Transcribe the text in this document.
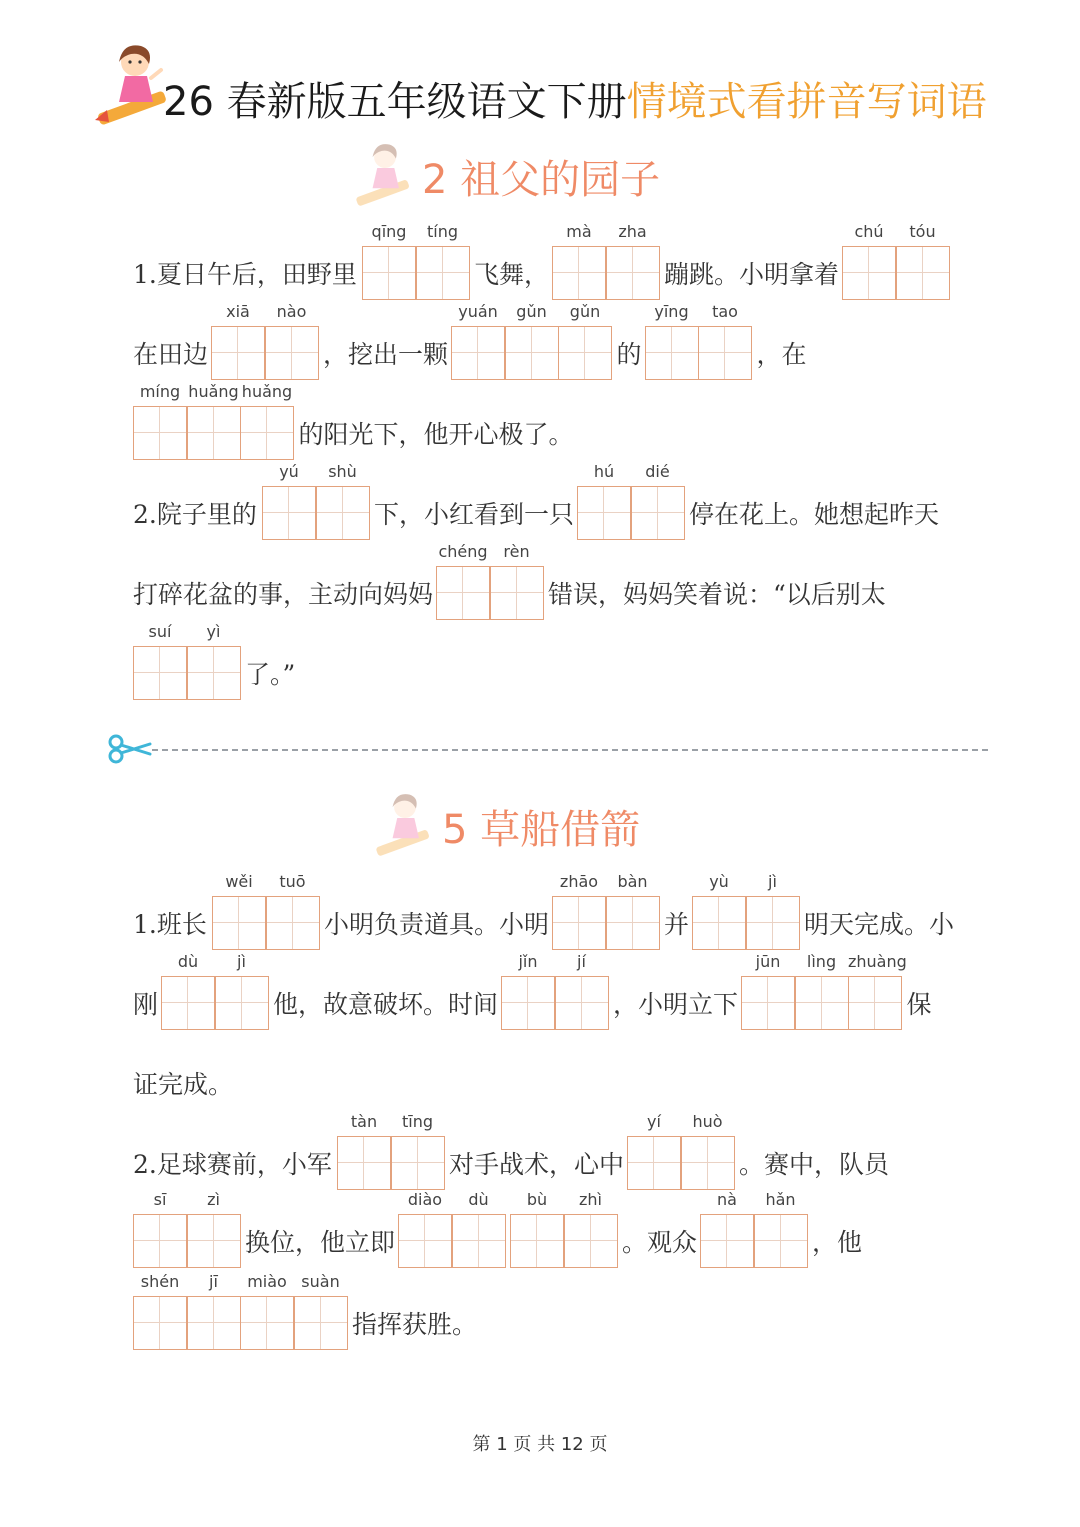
26 春新版五年级语文下册情境式看拼音写词语
2 祖父的园子
1.夏日午后，田野里
qīng	tíng
飞舞，
mà	zha
蹦跳。小明拿着
chú	tóu
在田边
xiā	nào
，挖出一颗
yuán	gǔn	gǔn
的
yīng	tao
，在
míng huǎng huǎng
的阳光下，他开心极了。
2.院子里的
yú	shù
下，小红看到一只
hú	dié
停在花上。她想起昨天
打碎花盆的事，主动向妈妈
chéng rèn
错误，妈妈笑着说：“以后别太
suí	yì
了。”
5 草船借箭
1.班长
wěi	tuō
小明负责道具。小明
zhāo	bàn
并
yù	jì
明天完成。小
刚
dù	jì
他，故意破坏。时间
jǐn	jí
，小明立下
jūn	lìng zhuàng
保
证完成。
2.足球赛前，小军
tàn	tīng
对手战术，心中
yí	huò
。赛中，队员
sī	zì
换位，他立即
diào	dù	bù	zhì
。观众
nà	hǎn
，他
shén	jī	miào suàn
指挥获胜。
第 1 页 共 12 页
